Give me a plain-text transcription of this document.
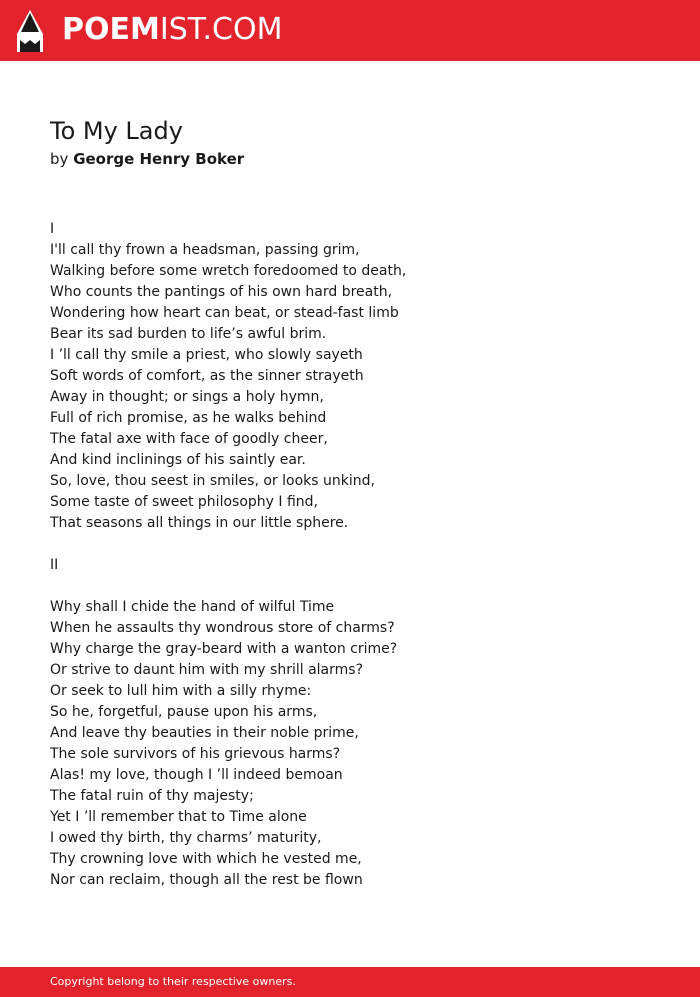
POEMIST.COM
To My Lady
by George Henry Boker
I
I'll call thy frown a headsman, passing grim,
Walking before some wretch foredoomed to death,
Who counts the pantings of his own hard breath,
Wondering how heart can beat, or stead-fast limb
Bear its sad burden to life’s awful brim.
I ’ll call thy smile a priest, who slowly sayeth
Soft words of comfort, as the sinner strayeth
Away in thought; or sings a holy hymn,
Full of rich promise, as he walks behind
The fatal axe with face of goodly cheer,
And kind inclinings of his saintly ear.
So, love, thou seest in smiles, or looks unkind,
Some taste of sweet philosophy I find,
That seasons all things in our little sphere.
II
Why shall I chide the hand of wilful Time
When he assaults thy wondrous store of charms?
Why charge the gray-beard with a wanton crime?
Or strive to daunt him with my shrill alarms?
Or seek to lull him with a silly rhyme:
So he, forgetful, pause upon his arms,
And leave thy beauties in their noble prime,
The sole survivors of his grievous harms?
Alas! my love, though I ’ll indeed bemoan
The fatal ruin of thy majesty;
Yet I ’ll remember that to Time alone
I owed thy birth, thy charms’ maturity,
Thy crowning love with which he vested me,
Nor can reclaim, though all the rest be flown
Copyright belong to their respective owners.
